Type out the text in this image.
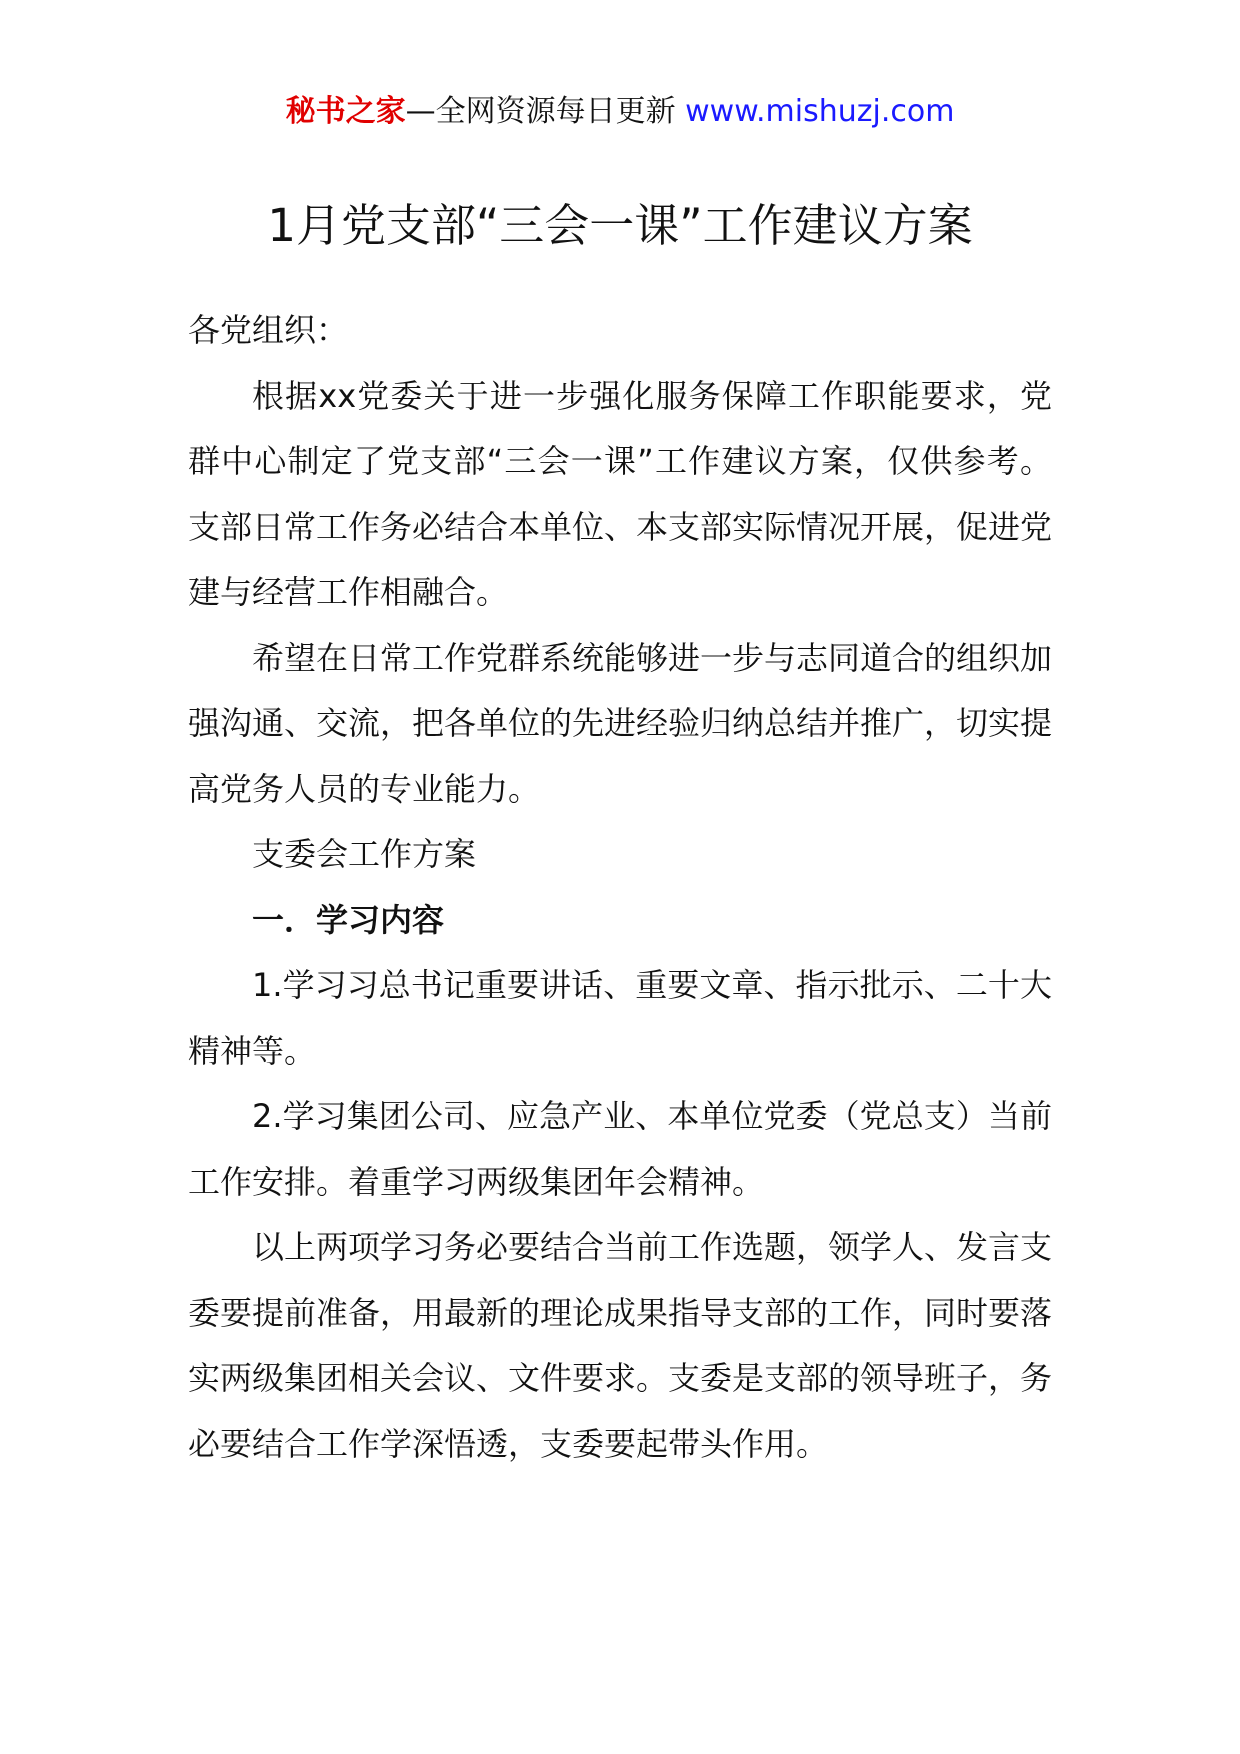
秘书之家—全网资源每日更新 www.mishuzj.com
1月党支部“三会一课”工作建议方案

各党组织：

根据xx党委关于进一步强化服务保障工作职能要求，党群中心制定了党支部“三会一课”工作建议方案，仅供参考。支部日常工作务必结合本单位、本支部实际情况开展，促进党建与经营工作相融合。

希望在日常工作党群系统能够进一步与志同道合的组织加强沟通、交流，把各单位的先进经验归纳总结并推广，切实提高党务人员的专业能力。

支委会工作方案

一．学习内容

1.学习习总书记重要讲话、重要文章、指示批示、二十大精神等。

2.学习集团公司、应急产业、本单位党委（党总支）当前工作安排。着重学习两级集团年会精神。

以上两项学习务必要结合当前工作选题，领学人、发言支委要提前准备，用最新的理论成果指导支部的工作，同时要落实两级集团相关会议、文件要求。支委是支部的领导班子，务必要结合工作学深悟透，支委要起带头作用。
